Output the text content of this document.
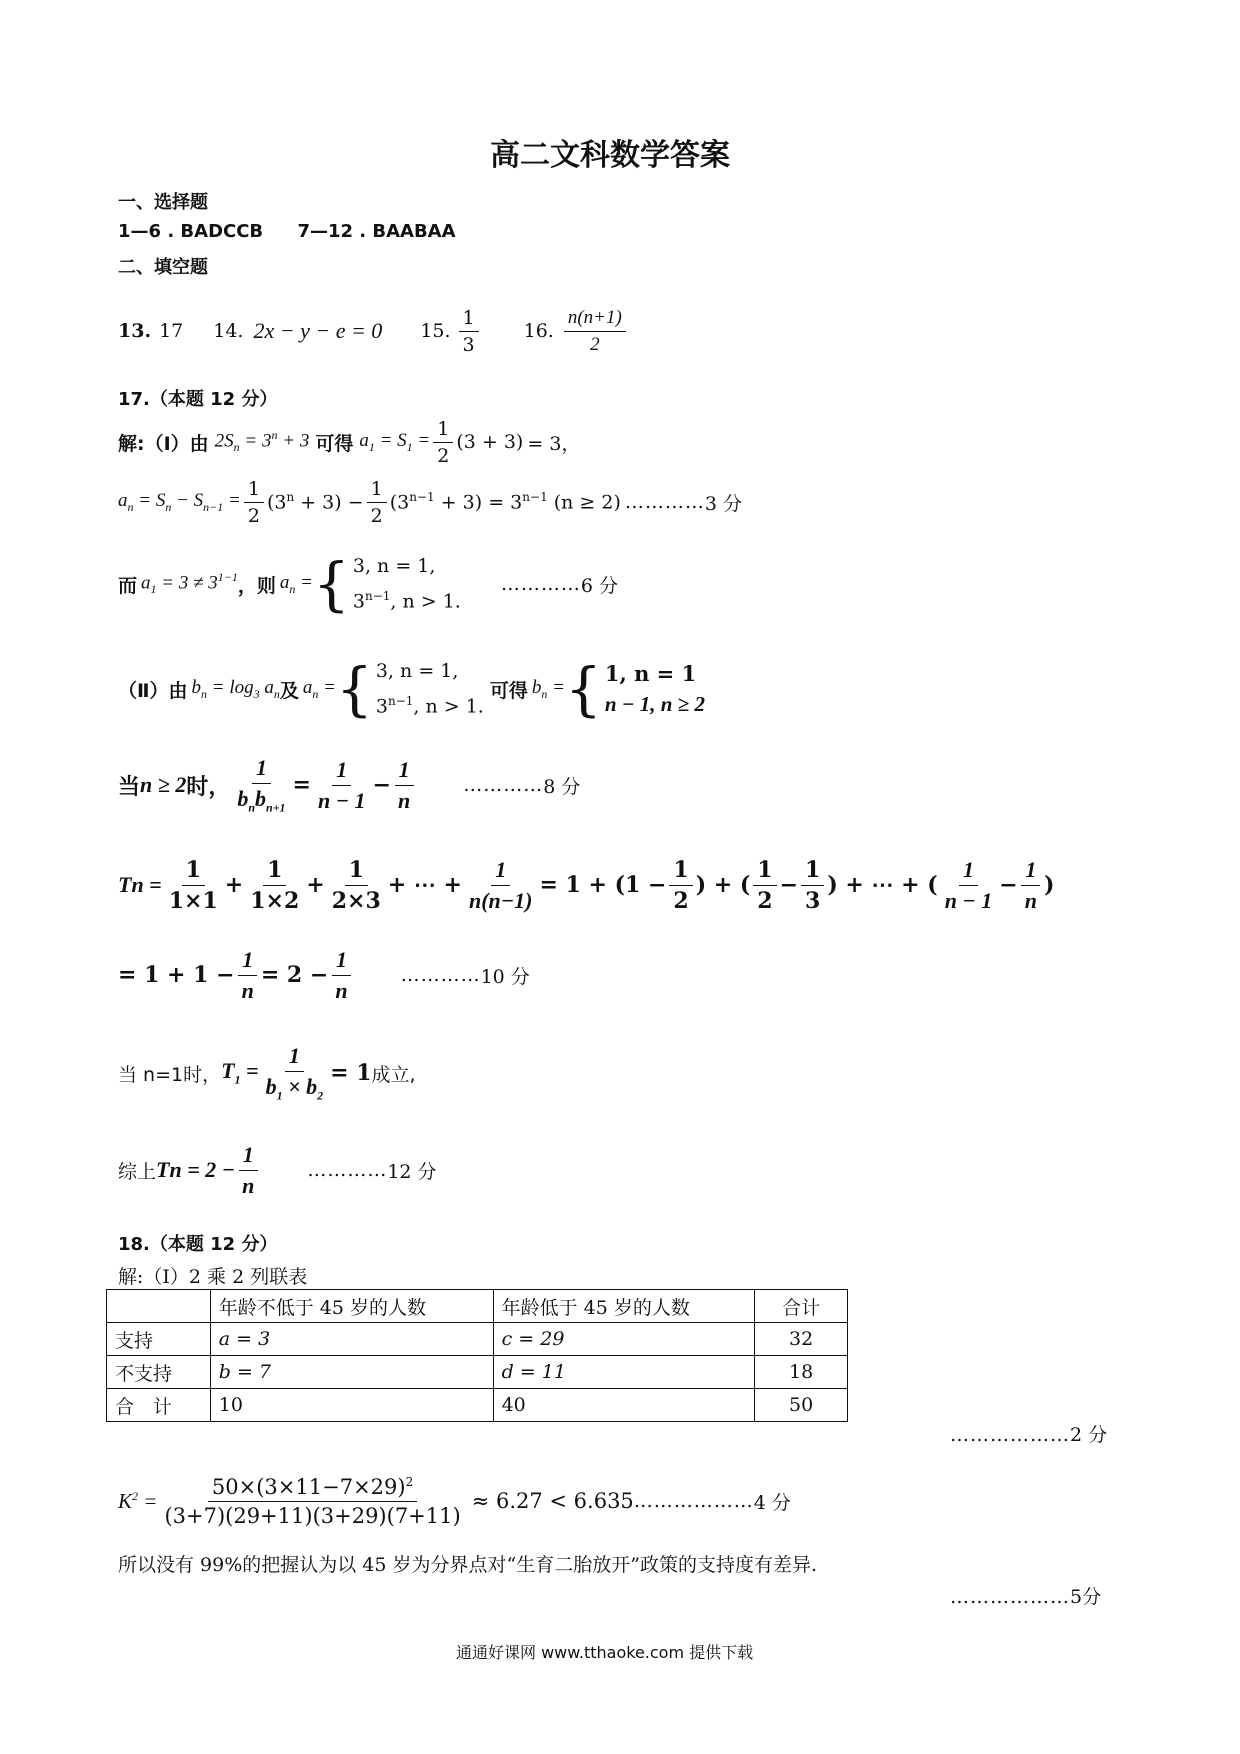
高二文科数学答案
一、选择题
1—6 . BADCCB 7—12 . BAABAA
二、填空题
13. 17 14. 2x − y − e = 0 15. $\frac{1}{3} 16$. $\frac{n(n+1)}{2}$
17.（本题 12 分）
解:（Ⅰ）由 $2S_n = 3^n + 3$ 可得 $a_1 = S_1 = \frac{1}{2} (3 + 3) = 3$，
$a_n = S_n - S_{n-1} = \frac{1}{2} (3^n + 3) - \frac{1}{2} (3^{n-1} + 3) = 3^{n-1}$ (n ≥ 2) ………… 3 分
而 $a_1 = 3 \ne 3^{1-1}$ ，则 $a_n$ = { 3, n = 1,
$3^{n-1}$, n > 1.
………… 6 分
（Ⅱ）由 $b_n = \log_3 a_n$ 及 $a_n$ = { 3, n = 1,
$3^{n-1}$, n > 1.
可得 $b_n$ = { 1, n = 1
n − 1, n ≥ 2
当 n ≥ 2 时， $\frac{1}{b_nb_{n+1}} = \frac{1}{n - 1} - \frac{1}{n}$	………… 8 分
$Tn = \frac{1}{1\times 1} + \frac{1}{1\times 2} + \frac{1}{2\times 3}$ + ⋯ + $\frac{1}{n(n-1)} = 1 + (1 - \frac{1}{2}$ ) + ( $\frac{1}{2} - \frac{1}{3}$ ) + ⋯ + ( $\frac{1}{n - 1} - \frac{1}{n}$ )
= $1 + 1 - \frac{1}{n} = 2 - \frac{1}{n}$	………… 10 分
当 n=1时， $T_1 = \frac{1}{b_1 \times b_2} = 1$ 成立,
综上 $Tn = 2 - \frac{1}{n}$	………… 12 分
18.（本题 12 分）
解:（Ⅰ）2 乘 2 列联表
	年龄不低于 45 岁的人数	年龄低于 45 岁的人数	合计
支持	a = 3	c = 29	32
不支持	b = 7	d = 11	18
合　计	10	40	50
………………2 分
$K^2 = \frac{50\times(3\times 11-7\times 29)^2}{(3+7)(29+11)(3+29)(7+11)} \approx 6.27 < 6.635$ ……………… 4 分
所以没有 99%的把握认为以 45 岁为分界点对“生育二胎放开”政策的支持度有差异.
………………5分
通通好课网 www.tthaoke.com 提供下载
